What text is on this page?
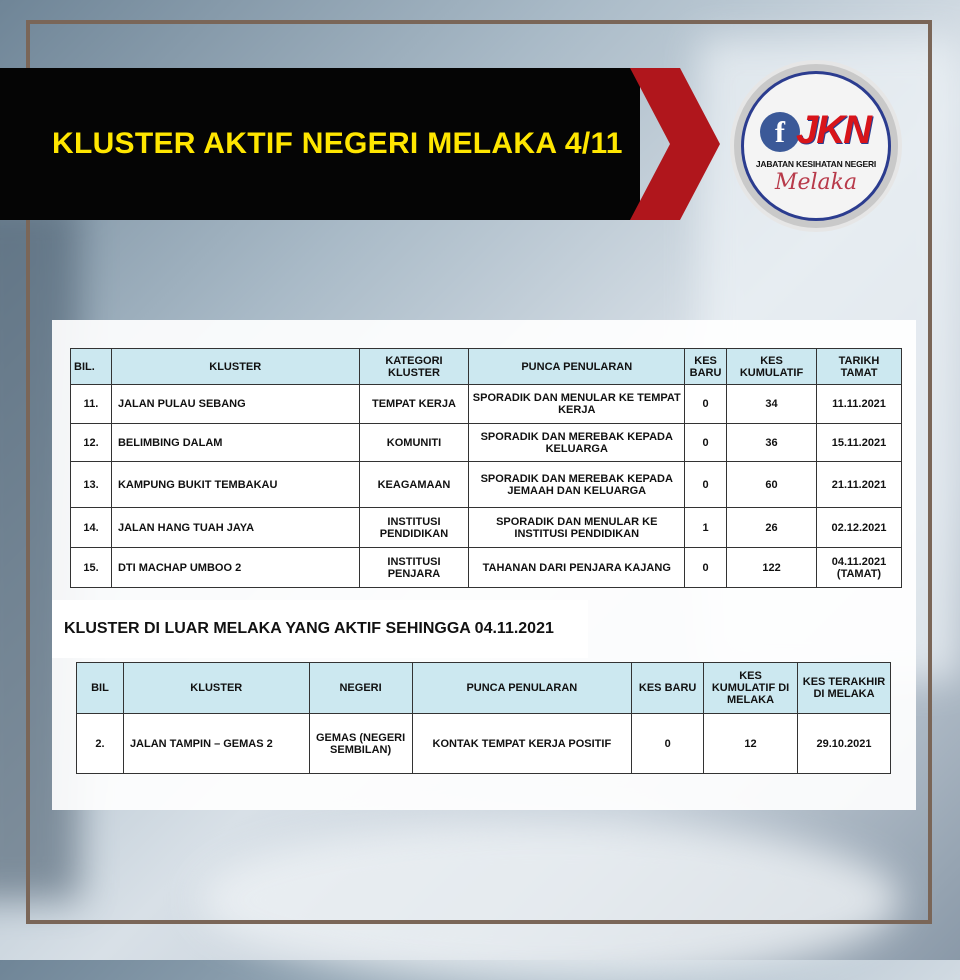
KLUSTER AKTIF NEGERI MELAKA 4/11	f JKN
JABATAN KESIHATAN NEGERI
Melaka
BIL.	KLUSTER	KATEGORI KLUSTER	PUNCA PENULARAN	KES BARU	KES KUMULATIF	TARIKH TAMAT
11.	JALAN PULAU SEBANG	TEMPAT KERJA	SPORADIK DAN MENULAR KE TEMPAT KERJA	0	34	11.11.2021
12.	BELIMBING DALAM	KOMUNITI	SPORADIK DAN MEREBAK KEPADA KELUARGA	0	36	15.11.2021
13.	KAMPUNG BUKIT TEMBAKAU	KEAGAMAAN	SPORADIK DAN MEREBAK KEPADA JEMAAH DAN KELUARGA	0	60	21.11.2021
14.	JALAN HANG TUAH JAYA	INSTITUSI PENDIDIKAN	SPORADIK DAN MENULAR KE INSTITUSI PENDIDIKAN	1	26	02.12.2021
15.	DTI MACHAP UMBOO 2	INSTITUSI PENJARA	TAHANAN DARI PENJARA KAJANG	0	122	04.11.2021 (TAMAT)
KLUSTER DI LUAR MELAKA YANG AKTIF SEHINGGA 04.11.2021
BIL	KLUSTER	NEGERI	PUNCA PENULARAN	KES BARU	KES KUMULATIF DI MELAKA	KES TERAKHIR DI MELAKA
2.	JALAN TAMPIN – GEMAS 2	GEMAS (NEGERI SEMBILAN)	KONTAK TEMPAT KERJA POSITIF	0	12	29.10.2021
